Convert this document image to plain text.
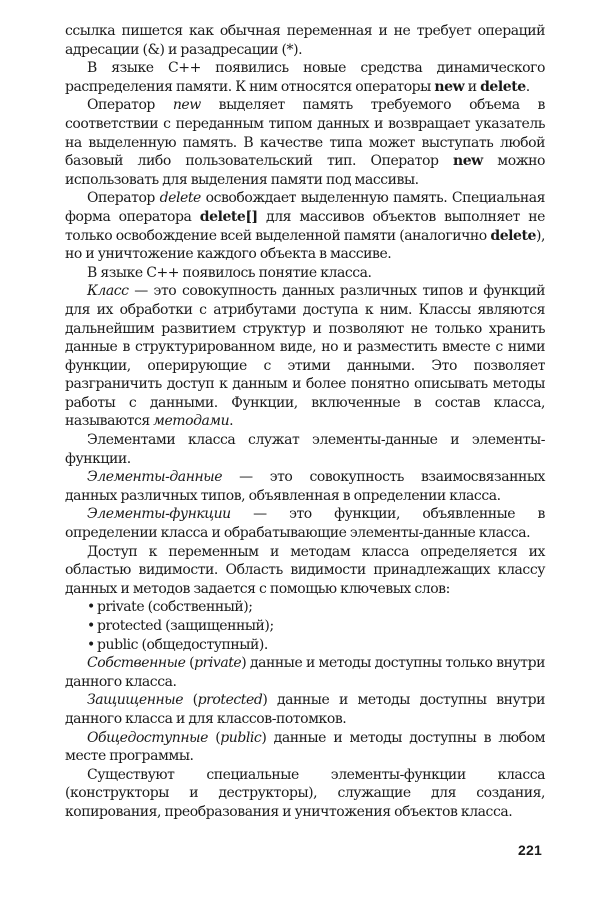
ссылка пишется как обычная переменная и не требует операций адресации (&) и разадресации (*).

В языке С++ появились новые средства динамического распределения памяти. К ним относятся операторы new и delete.

Оператор new выделяет память требуемого объема в соответствии с переданным типом данных и возвращает указатель на выделенную память. В качестве типа может выступать любой базовый либо пользовательский тип. Оператор new можно использовать для выделения памяти под массивы.

Оператор delete освобождает выделенную память. Специальная форма оператора delete[] для массивов объектов выполняет не только освобождение всей выделенной памяти (аналогично delete), но и уничтожение каждого объекта в массиве.

В языке С++ появилось понятие класса.

Класс — это совокупность данных различных типов и функций для их обработки с атрибутами доступа к ним. Классы являются дальнейшим развитием структур и позволяют не только хранить данные в структурированном виде, но и разместить вместе с ними функции, оперирующие с этими данными. Это позволяет разграничить доступ к данным и более понятно описывать методы работы с данными. Функции, включенные в состав класса, называются методами.

Элементами класса служат элементы-данные и элементы-функции.

Элементы-данные — это совокупность взаимосвязанных данных различных типов, объявленная в определении класса.

Элементы-функции — это функции, объявленные в определении класса и обрабатывающие элементы-данные класса.

Доступ к переменным и методам класса определяется их областью видимости. Область видимости принадлежащих классу данных и методов задается с помощью ключевых слов:

• private (собственный);
• protected (защищенный);
• public (общедоступный).

Собственные (private) данные и методы доступны только внутри данного класса.

Защищенные (protected) данные и методы доступны внутри данного класса и для классов-потомков.

Общедоступные (public) данные и методы доступны в любом месте программы.

Существуют специальные элементы-функции класса (конструкторы и деструкторы), служащие для создания, копирования, преобразования и уничтожения объектов класса.

221
